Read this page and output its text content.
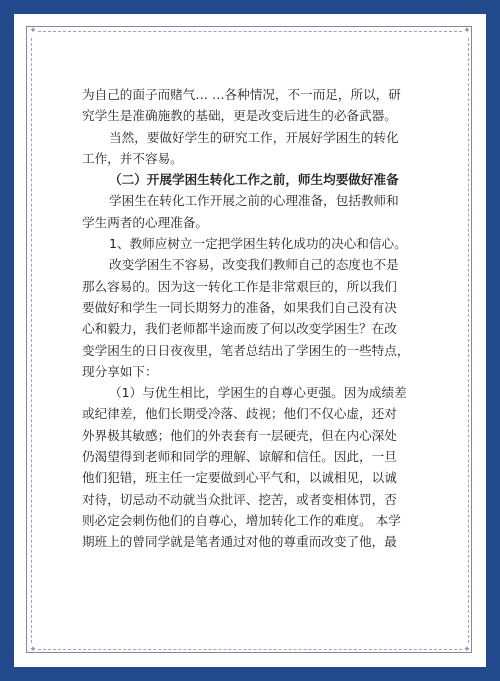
✦	✦
✦	✦
为自己的面子而赌气… …各种情况，不一而足，所以，研
究学生是准确施教的基础，更是改变后进生的必备武器。
当然，要做好学生的研究工作，开展好学困生的转化
工作，并不容易。
（二）开展学困生转化工作之前，师生均要做好准备
学困生在转化工作开展之前的心理准备，包括教师和
学生两者的心理准备。
1、教师应树立一定把学困生转化成功的决心和信心。
改变学困生不容易，改变我们教师自己的态度也不是
那么容易的。因为这一转化工作是非常艰巨的，所以我们
要做好和学生一同长期努力的准备，如果我们自己没有决
心和毅力，我们老师都半途而废了何以改变学困生？在改
变学困生的日日夜夜里，笔者总结出了学困生的一些特点，
现分享如下：
（1）与优生相比，学困生的自尊心更强。因为成绩差
或纪律差，他们长期受冷落、歧视；他们不仅心虚，还对
外界极其敏感；他们的外表套有一层硬壳，但在内心深处
仍渴望得到老师和同学的理解、谅解和信任。因此，一旦
他们犯错，班主任一定要做到心平气和，以诚相见，以诚
对待，切忌动不动就当众批评、挖苦，或者变相体罚，否
则必定会刺伤他们的自尊心，增加转化工作的难度。 本学
期班上的曾同学就是笔者通过对他的尊重而改变了他，最
